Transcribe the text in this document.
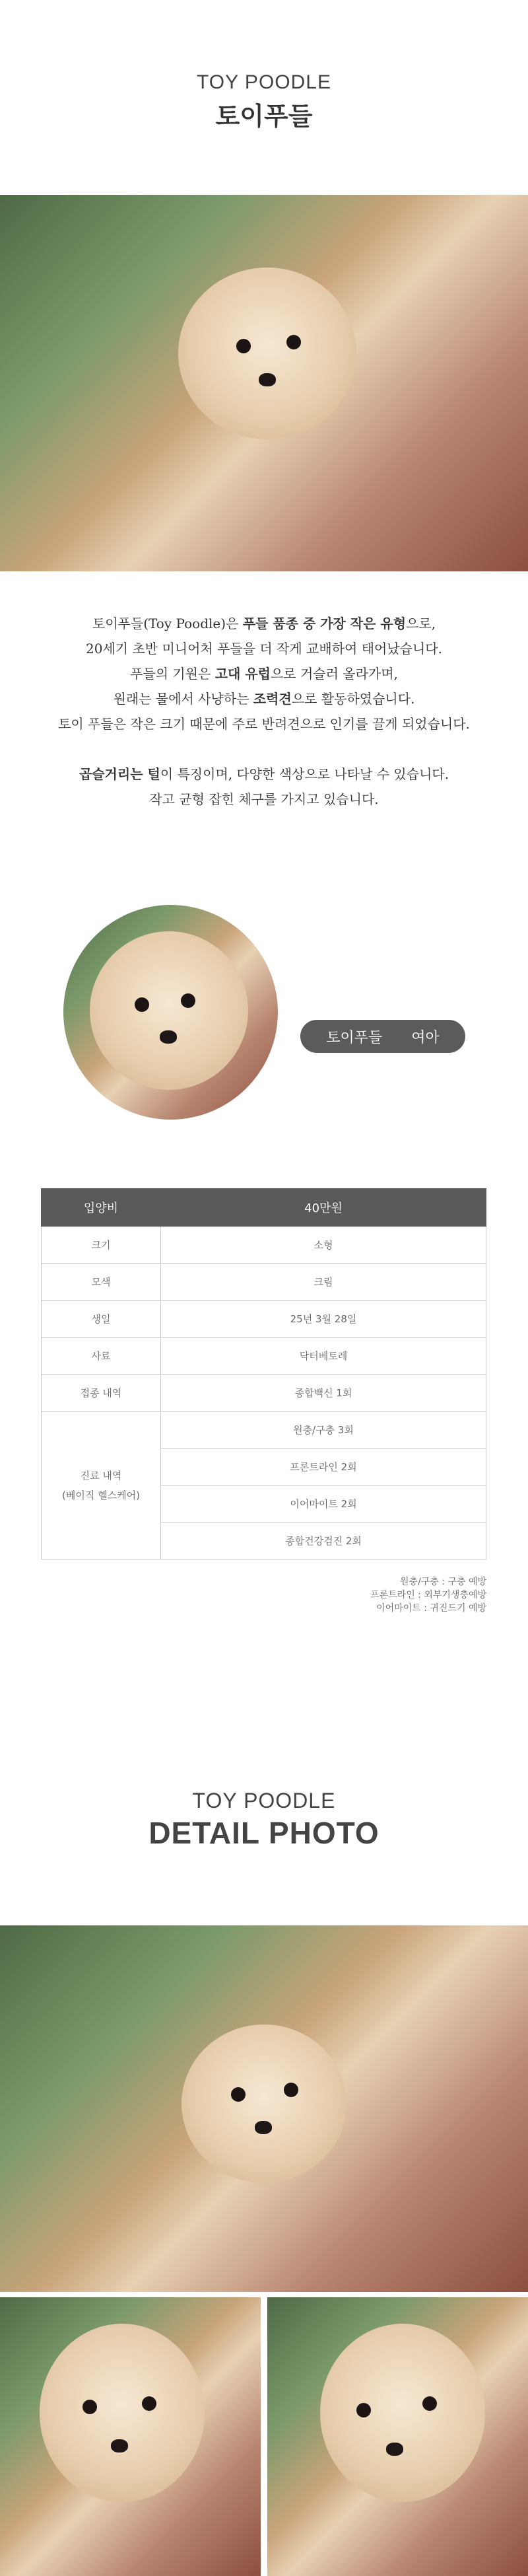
TOY POODLE
토이푸들
토이푸들(Toy Poodle)은 푸들 품종 중 가장 작은 유형으로,
20세기 초반 미니어처 푸들을 더 작게 교배하여 태어났습니다.
푸들의 기원은 고대 유럽으로 거슬러 올라가며,
원래는 물에서 사냥하는 조력견으로 활동하였습니다.
토이 푸들은 작은 크기 때문에 주로 반려견으로 인기를 끌게 되었습니다.
곱슬거리는 털이 특징이며, 다양한 색상으로 나타날 수 있습니다.
작고 균형 잡힌 체구를 가지고 있습니다.
토이푸들 여아
입양비	40만원
크기	소형
모색	크림
생일	25년 3월 28일
사료	닥터베토레
접종 내역	종합백신 1회

진료 내역
(베이직 헬스케어)	원충/구충 3회
	프론트라인 2회
	이어마이트 2회
	종합건강검진 2회
원충/구충 : 구충 예방
프론트라인 : 외부기생충예방
이어마이트 : 귀진드기 예방
TOY POODLE
DETAIL PHOTO
